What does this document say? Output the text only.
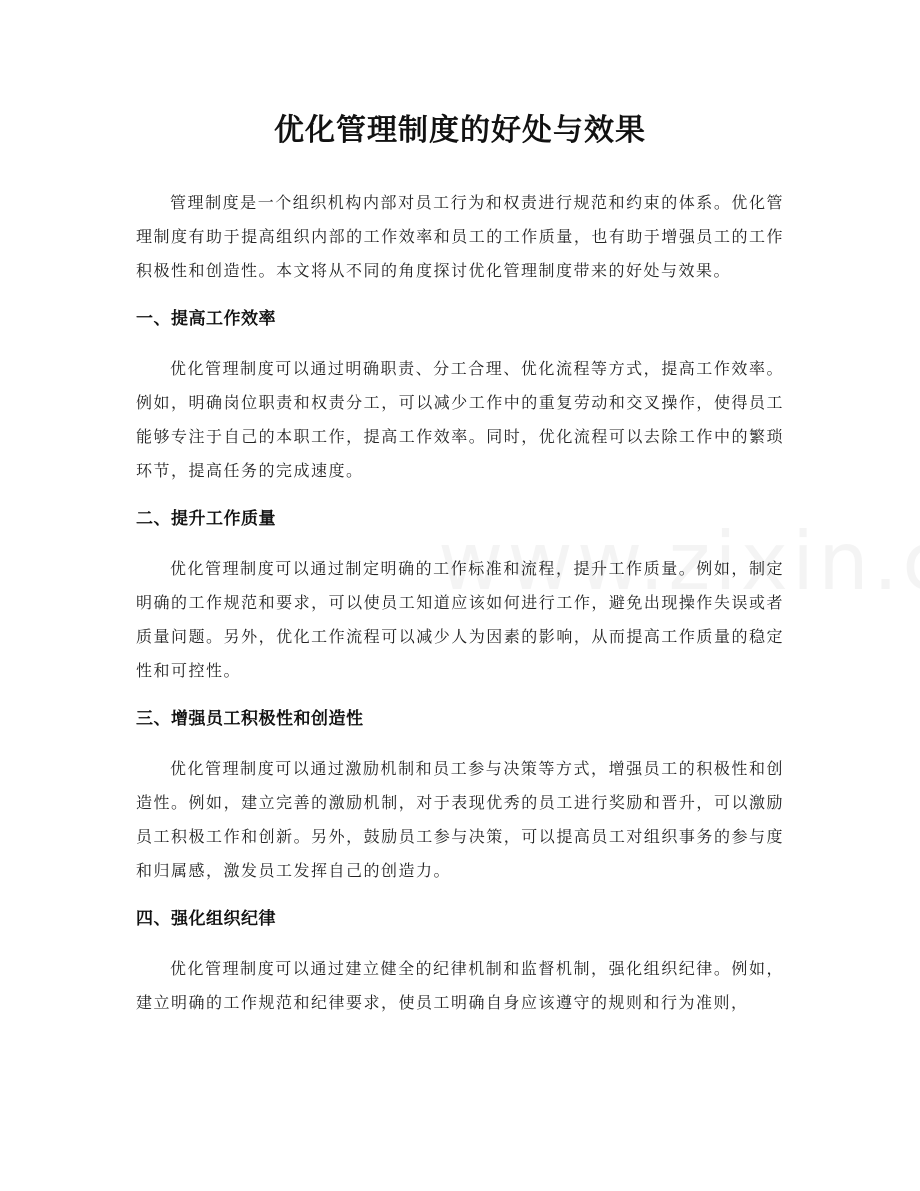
优化管理制度的好处与效果

管理制度是一个组织机构内部对员工行为和权责进行规范和约束的体系。优化管理制度有助于提高组织内部的工作效率和员工的工作质量，也有助于增强员工的工作积极性和创造性。本文将从不同的角度探讨优化管理制度带来的好处与效果。

一、提高工作效率

优化管理制度可以通过明确职责、分工合理、优化流程等方式，提高工作效率。例如，明确岗位职责和权责分工，可以减少工作中的重复劳动和交叉操作，使得员工能够专注于自己的本职工作，提高工作效率。同时，优化流程可以去除工作中的繁琐环节，提高任务的完成速度。

二、提升工作质量

优化管理制度可以通过制定明确的工作标准和流程，提升工作质量。例如，制定明确的工作规范和要求，可以使员工知道应该如何进行工作，避免出现操作失误或者质量问题。另外，优化工作流程可以减少人为因素的影响，从而提高工作质量的稳定性和可控性。

三、增强员工积极性和创造性

优化管理制度可以通过激励机制和员工参与决策等方式，增强员工的积极性和创造性。例如，建立完善的激励机制，对于表现优秀的员工进行奖励和晋升，可以激励员工积极工作和创新。另外，鼓励员工参与决策，可以提高员工对组织事务的参与度和归属感，激发员工发挥自己的创造力。

四、强化组织纪律

优化管理制度可以通过建立健全的纪律机制和监督机制，强化组织纪律。例如，建立明确的工作规范和纪律要求，使员工明确自身应该遵守的规则和行为准则，
